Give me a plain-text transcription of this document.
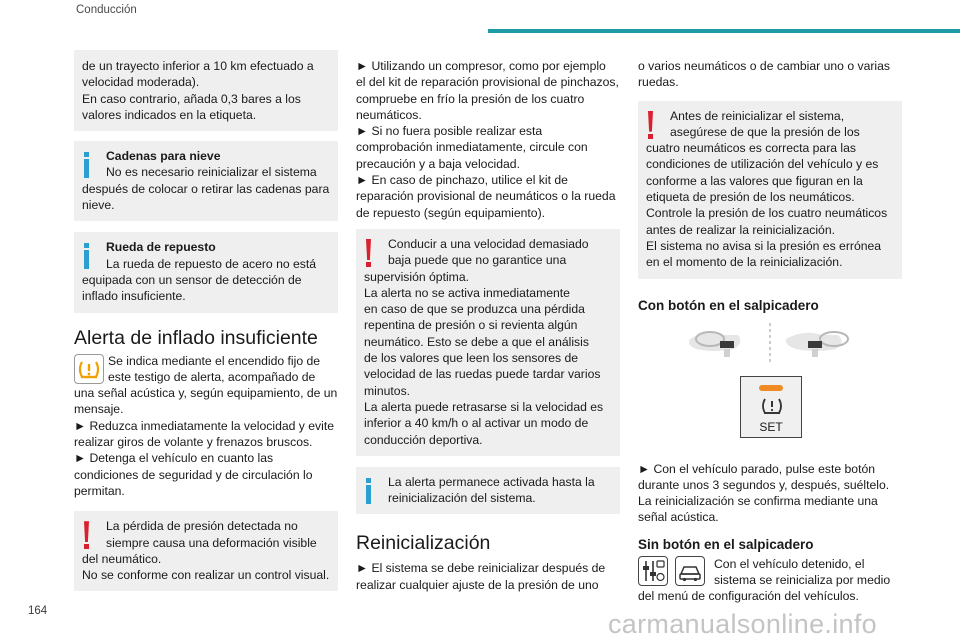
Conducción

de un trayecto inferior a 10 km efectuado a

velocidad moderada).

En caso contrario, añada 0,3 bares a los

valores indicados en la etiqueta.

Cadenas para nieve

No es necesario reinicializar el sistema

después de colocar o retirar las cadenas para

nieve.

Rueda de repuesto

La rueda de repuesto de acero no está

equipada con un sensor de detección de

inflado insuficiente.

Alerta de inflado insuficiente

Se indica mediante el encendido fijo de

este testigo de alerta, acompañado de

una señal acústica y, según equipamiento, de un

mensaje.

► Reduzca inmediatamente la velocidad y evite

realizar giros de volante y frenazos bruscos.

► Detenga el vehículo en cuanto las

condiciones de seguridad y de circulación lo

permitan.

La pérdida de presión detectada no

siempre causa una deformación visible

del neumático.

No se conforme con realizar un control visual.

► Utilizando un compresor, como por ejemplo

el del kit de reparación provisional de pinchazos,

compruebe en frío la presión de los cuatro

neumáticos.

► Si no fuera posible realizar esta

comprobación inmediatamente, circule con

precaución y a baja velocidad.

► En caso de pinchazo, utilice el kit de

reparación provisional de neumáticos o la rueda

de repuesto (según equipamiento).

Conducir a una velocidad demasiado

baja puede que no garantice una

supervisión óptima.

La alerta no se activa inmediatamente

en caso de que se produzca una pérdida

repentina de presión o si revienta algún

neumático. Esto se debe a que el análisis

de los valores que leen los sensores de

velocidad de las ruedas puede tardar varios

minutos.

La alerta puede retrasarse si la velocidad es

inferior a 40 km/h o al activar un modo de

conducción deportiva.

La alerta permanece activada hasta la

reinicialización del sistema.

Reinicialización

► El sistema se debe reinicializar después de

realizar cualquier ajuste de la presión de uno

o varios neumáticos o de cambiar uno o varias

ruedas.

Antes de reinicializar el sistema,

asegúrese de que la presión de los

cuatro neumáticos es correcta para las

condiciones de utilización del vehículo y es

conforme a las valores que figuran en la

etiqueta de presión de los neumáticos.

Controle la presión de los cuatro neumáticos

antes de realizar la reinicialización.

El sistema no avisa si la presión es errónea

en el momento de la reinicialización.

Con botón en el salpicadero
SET

► Con el vehículo parado, pulse este botón

durante unos 3 segundos y, después, suéltelo.

La reinicialización se confirma mediante una

señal acústica.

Sin botón en el salpicadero

Con el vehículo detenido, el

sistema se reinicializa por medio

del menú de configuración del vehículos.

164	carmanualsonline.info
